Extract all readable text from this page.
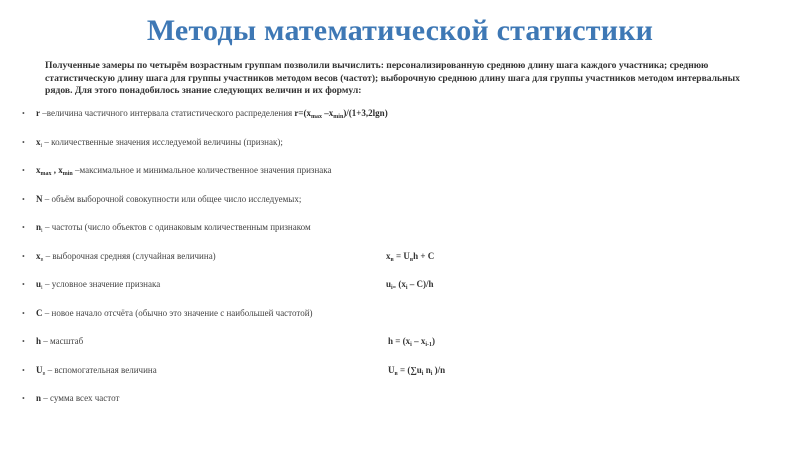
Методы математической статистики
Полученные замеры по четырём возрастным группам позволили вычислить: персонализированную среднюю длину шага каждого участника; среднюю статистическую длину шага для группы участников методом весов (частот); выборочную среднюю длину шага для группы участников методом интервальных рядов. Для этого понадобилось знание следующих величин и их формул:
• r –величина частичного интервала статистического распределения $r=(x_{max}$ $-x_{min})/(1+3,2\lg n)$
• $x_i$ – количественные значения исследуемой величины (признак);
• $x_{max}$ , $x_{min}$ –максимальное и минимальное количественное значения признака
• N – объём выборочной совокупности или общее число исследуемых;
• $n_i$ – частоты (число объектов с одинаковым количественным признаком
• $x_в$ – выборочная средняя (случайная величина)	$x_в = U_вh + C$
• $u_i$ – условное значение признака	$u_{i=}$ $(x_i - C)/h$
• C – новое начало отсчёта (обычно это значение с наибольшей частотой)
• h – масштаб	$h = (x_i - x_{i-1})$
• $U_в$ – вспомогательная величина	$U_в = (\sum u_i$ $n_i$ )/n
• n – сумма всех частот
